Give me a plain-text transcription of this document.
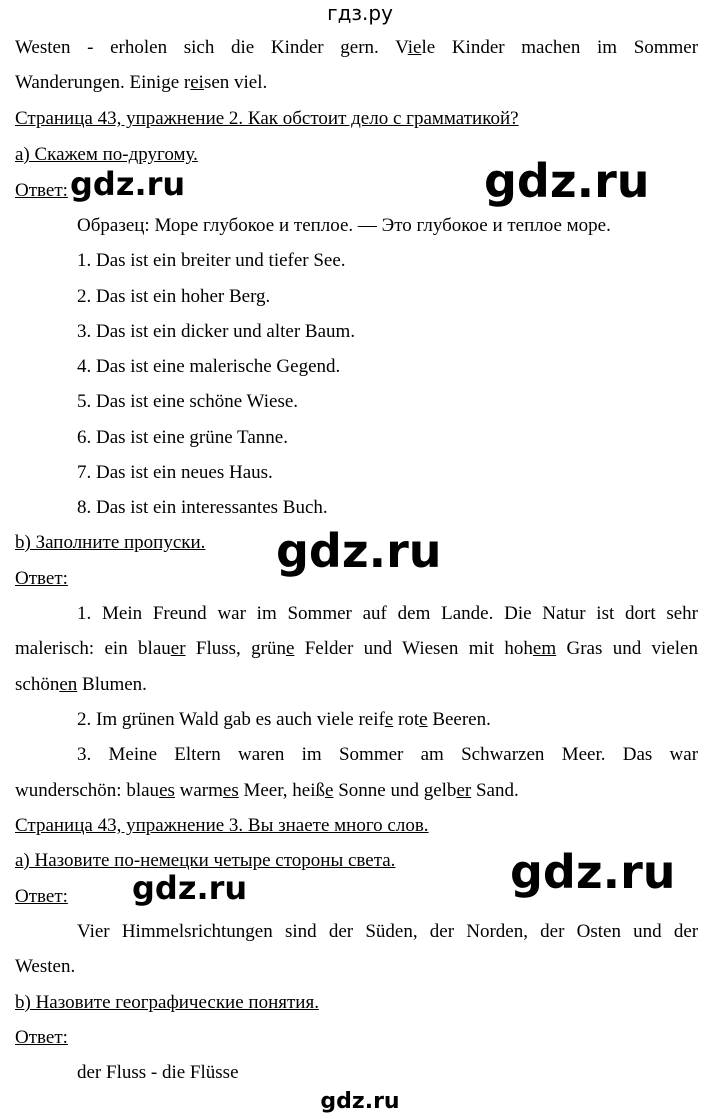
гдз.ру
Westen - erholen sich die Kinder gern. Viele Kinder machen im Sommer
Wanderungen. Einige reisen viel.
Страница 43, упражнение 2. Как обстоит дело с грамматикой?
а) Скажем по-другому.
Ответ: gdz.ru	gdz.ru
Образец: Море глубокое и теплое. — Это глубокое и теплое море.
1. Das ist ein breiter und tiefer See.
2. Das ist ein hoher Berg.
3. Das ist ein dicker und alter Baum.
4. Das ist eine malerische Gegend.
5. Das ist eine schöne Wiese.
6. Das ist eine grüne Tanne.
7. Das ist ein neues Haus.
8. Das ist ein interessantes Buch.
b) Заполните пропуски. gdz.ru
Ответ:
1. Mein Freund war im Sommer auf dem Lande. Die Natur ist dort sehr
malerisch: ein blauer Fluss, grüne Felder und Wiesen mit hohem Gras und vielen
schönen Blumen.
2. Im grünen Wald gab es auch viele reife rote Beeren.
3. Meine Eltern waren im Sommer am Schwarzen Meer. Das war
wunderschön: blaues warmes Meer, heiße Sonne und gelber Sand.
Страница 43, упражнение 3. Вы знаете много слов.
а) Назовите по-немецки четыре стороны света. gdz.ru
Ответ: gdz.ru
Vier Himmelsrichtungen sind der Süden, der Norden, der Osten und der
Westen.
b) Назовите географические понятия.
Ответ:
der Fluss - die Flüsse
gdz.ru
